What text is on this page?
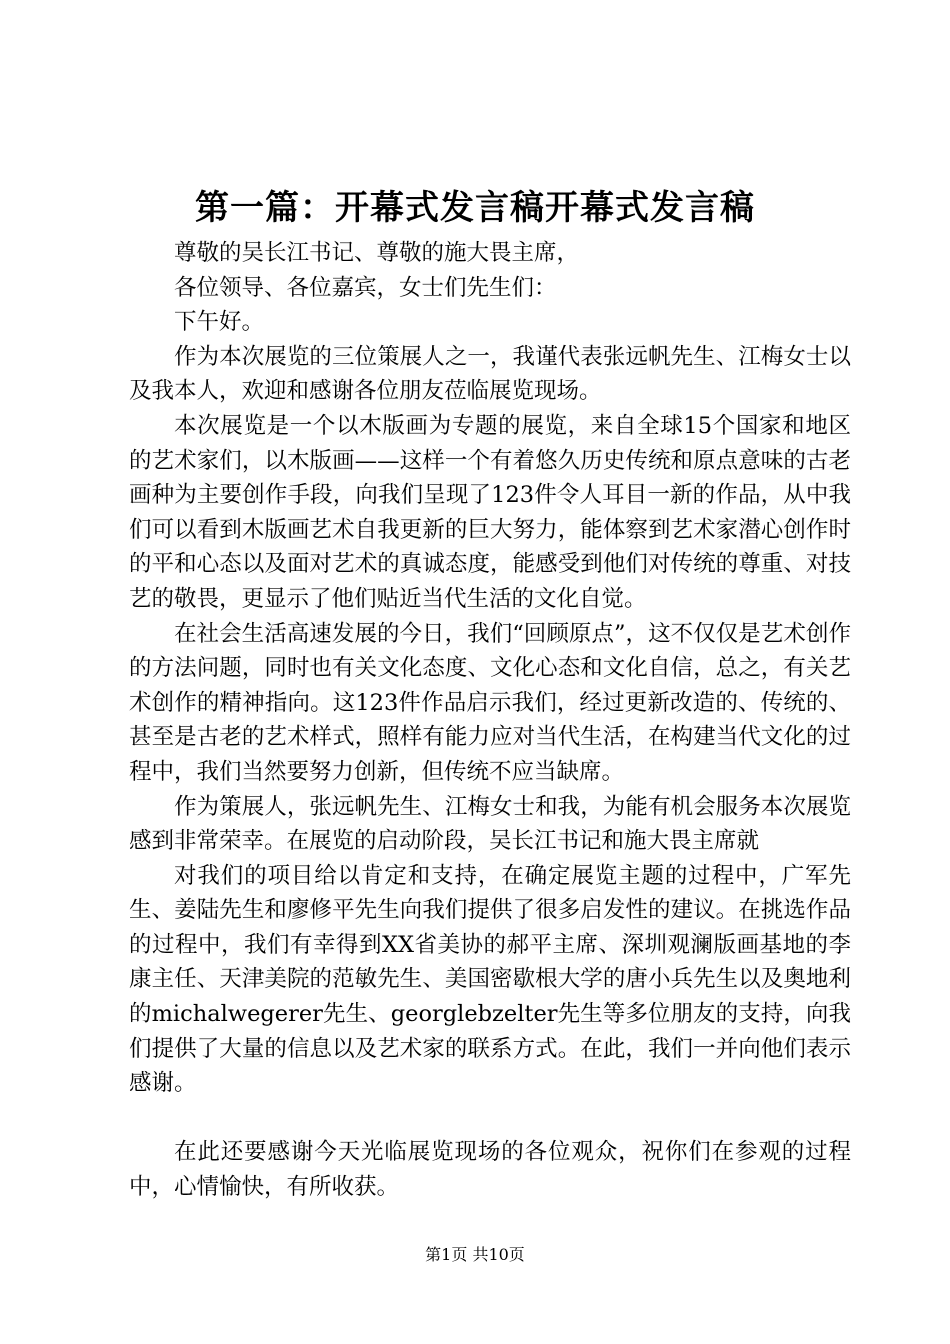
第一篇：开幕式发言稿开幕式发言稿

尊敬的吴长江书记、尊敬的施大畏主席，

各位领导、各位嘉宾，女士们先生们：

下午好。

作为本次展览的三位策展人之一，我谨代表张远帆先生、江梅女士以及我本人，欢迎和感谢各位朋友莅临展览现场。

本次展览是一个以木版画为专题的展览，来自全球15个国家和地区的艺术家们，以木版画——这样一个有着悠久历史传统和原点意味的古老画种为主要创作手段，向我们呈现了123件令人耳目一新的作品，从中我们可以看到木版画艺术自我更新的巨大努力，能体察到艺术家潜心创作时的平和心态以及面对艺术的真诚态度，能感受到他们对传统的尊重、对技艺的敬畏，更显示了他们贴近当代生活的文化自觉。

在社会生活高速发展的今日，我们“回顾原点”，这不仅仅是艺术创作的方法问题，同时也有关文化态度、文化心态和文化自信，总之，有关艺术创作的精神指向。这123件作品启示我们，经过更新改造的、传统的、甚至是古老的艺术样式，照样有能力应对当代生活，在构建当代文化的过程中，我们当然要努力创新，但传统不应当缺席。

作为策展人，张远帆先生、江梅女士和我，为能有机会服务本次展览感到非常荣幸。在展览的启动阶段，吴长江书记和施大畏主席就

对我们的项目给以肯定和支持，在确定展览主题的过程中，广军先生、姜陆先生和廖修平先生向我们提供了很多启发性的建议。在挑选作品的过程中，我们有幸得到XX省美协的郝平主席、深圳观澜版画基地的李康主任、天津美院的范敏先生、美国密歇根大学的唐小兵先生以及奥地利的michalwegerer先生、georglebzelter先生等多位朋友的支持，向我们提供了大量的信息以及艺术家的联系方式。在此，我们一并向他们表示感谢。

在此还要感谢今天光临展览现场的各位观众，祝你们在参观的过程中，心情愉快，有所收获。

第1页 共10页
